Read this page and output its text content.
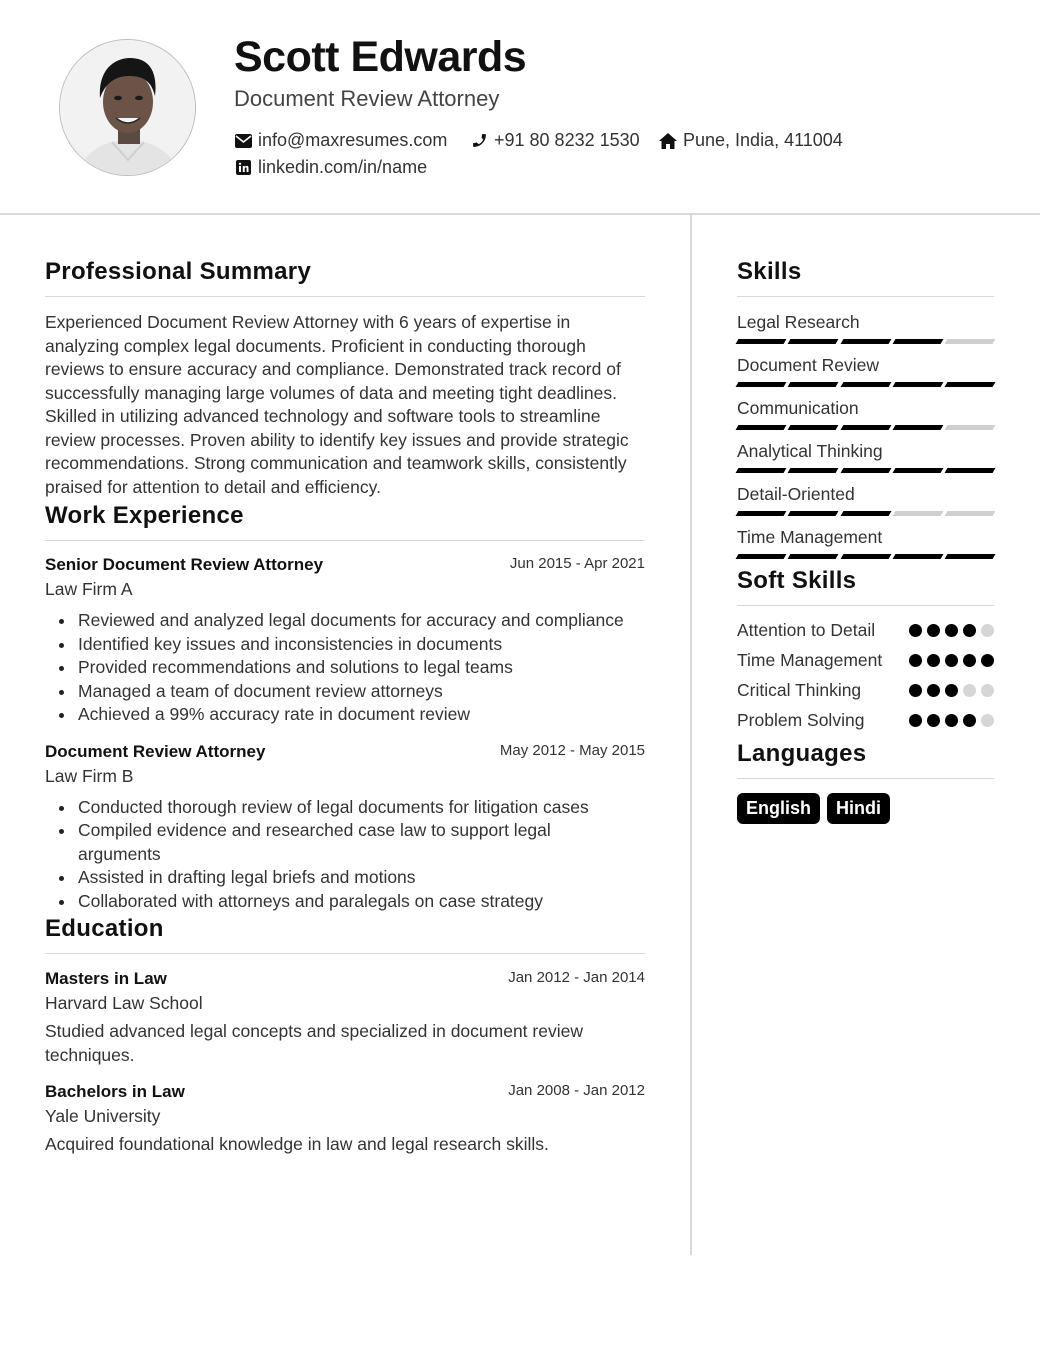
Scott Edwards
Document Review Attorney
info@maxresumes.com	+91 80 8232 1530 Pune, India, 411004
linkedin.com/in/name
Professional Summary
Experienced Document Review Attorney with 6 years of expertise in analyzing complex legal documents. Proficient in conducting thorough reviews to ensure accuracy and compliance. Demonstrated track record of successfully managing large volumes of data and meeting tight deadlines. Skilled in utilizing advanced technology and software tools to streamline review processes. Proven ability to identify key issues and provide strategic recommendations. Strong communication and teamwork skills, consistently praised for attention to detail and efficiency.
Work Experience
Senior Document Review Attorney	Jun 2015 - Apr 2021
Law Firm A
Reviewed and analyzed legal documents for accuracy and compliance
Identified key issues and inconsistencies in documents
Provided recommendations and solutions to legal teams
Managed a team of document review attorneys
Achieved a 99% accuracy rate in document review
Document Review Attorney	May 2012 - May 2015
Law Firm B
Conducted thorough review of legal documents for litigation cases
Compiled evidence and researched case law to support legal arguments
Assisted in drafting legal briefs and motions
Collaborated with attorneys and paralegals on case strategy
Education
Masters in Law	Jan 2012 - Jan 2014
Harvard Law School
Studied advanced legal concepts and specialized in document review techniques.
Bachelors in Law	Jan 2008 - Jan 2012
Yale University
Acquired foundational knowledge in law and legal research skills.
Skills
Legal Research
Document Review
Communication
Analytical Thinking
Detail-Oriented
Time Management
Soft Skills
Attention to Detail
Time Management
Critical Thinking
Problem Solving
Languages
English	Hindi
